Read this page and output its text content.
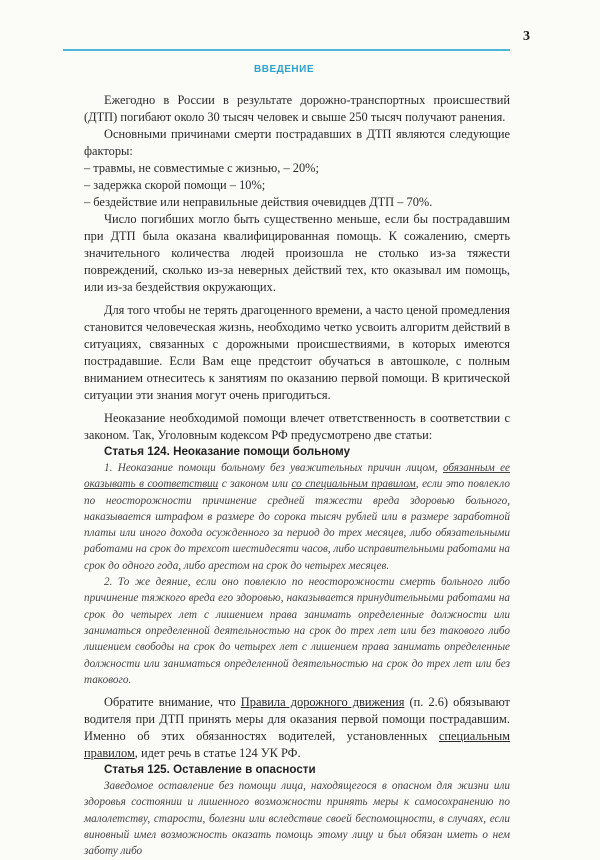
3
ВВЕДЕНИЕ

Ежегодно в России в результате дорожно-транспортных происшествий (ДТП) погибают около 30 тысяч человек и свыше 250 тысяч получают ранения.

Основными причинами смерти пострадавших в ДТП являются следующие факторы:

– травмы, не совместимые с жизнью, – 20%;

– задержка скорой помощи – 10%;

– бездействие или неправильные действия очевидцев ДТП – 70%.

Число погибших могло быть существенно меньше, если бы пострадавшим при ДТП была оказана квалифицированная помощь. К сожалению, смерть значительного количества людей произошла не столько из-за тяжести повреждений, сколько из-за неверных действий тех, кто оказывал им помощь, или из-за бездействия окружающих.

Для того чтобы не терять драгоценного времени, а часто ценой промедления становится человеческая жизнь, необходимо четко усвоить алгоритм действий в ситуациях, связанных с дорожными происшествиями, в которых имеются пострадавшие. Если Вам еще предстоит обучаться в автошколе, с полным вниманием отнеситесь к занятиям по оказанию первой помощи. В критической ситуации эти знания могут очень пригодиться.

Неоказание необходимой помощи влечет ответственность в соответствии с законом. Так, Уголовным кодексом РФ предусмотрено две статьи:

Статья 124. Неоказание помощи больному

1. Неоказание помощи больному без уважительных причин лицом, обязанным ее оказывать в соответствии с законом или со специальным правилом, если это повлекло по неосторожности причинение средней тяжести вреда здоровью больного, наказывается штрафом в размере до сорока тысяч рублей или в размере заработной платы или иного дохода осужденного за период до трех месяцев, либо обязательными работами на срок до трехсот шестидесяти часов, либо исправительными работами на срок до одного года, либо арестом на срок до четырех месяцев.

2. То же деяние, если оно повлекло по неосторожности смерть больного либо причинение тяжкого вреда его здоровью, наказывается принудительными работами на срок до четырех лет с лишением права занимать определенные должности или заниматься определенной деятельностью на срок до трех лет или без такового либо лишением свободы на срок до четырех лет с лишением права занимать определенные должности или заниматься определенной деятельностью на срок до трех лет или без такового.

Обратите внимание, что Правила дорожного движения (п. 2.6) обязывают водителя при ДТП принять меры для оказания первой помощи пострадавшим. Именно об этих обязанностях водителей, установленных специальным правилом, идет речь в статье 124 УК РФ.

Статья 125. Оставление в опасности

Заведомое оставление без помощи лица, находящегося в опасном для жизни или здоровья состоянии и лишенного возможности принять меры к самосохранению по малолетству, старости, болезни или вследствие своей беспомощности, в случаях, если виновный имел возможность оказать помощь этому лицу и был обязан иметь о нем заботу либо
